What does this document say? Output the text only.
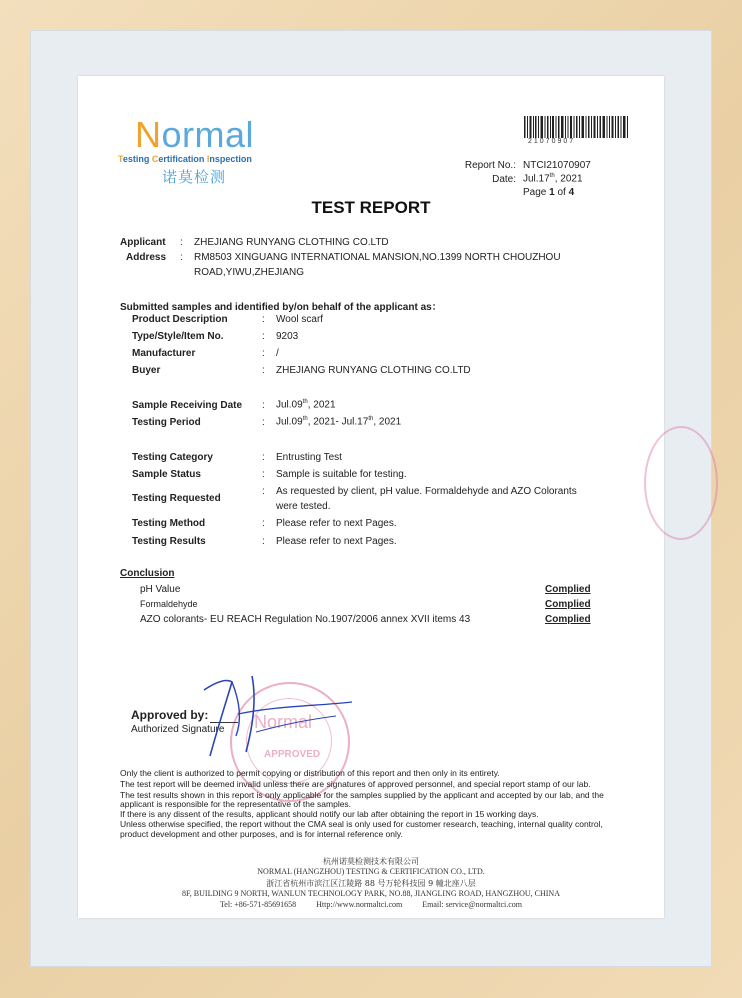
Normal
Testing Certification Inspection
诺莫检测
21070907
Report No.: NTCI21070907
Date: Jul.17th, 2021
Page 1 of 4
TEST REPORT
Applicant : ZHEJIANG RUNYANG CLOTHING CO.LTD
Address : RM8503 XINGUANG INTERNATIONAL MANSION,NO.1399 NORTH CHOUZHOU
ROAD,YIWU,ZHEJIANG
Submitted samples and identified by/on behalf of the applicant as：
Product Description	: Wool scarf
Type/Style/Item No.	: 9203
Manufacturer	: /
Buyer	: ZHEJIANG RUNYANG CLOTHING CO.LTD
Sample Receiving Date : Jul.09th, 2021
Testing Period	: Jul.09th, 2021- Jul.17th, 2021
Testing Category	: Entrusting Test
Sample Status	: Sample is suitable for testing.
Testing Requested
: As requested by client, pH value. Formaldehyde and AZO Colorants
were tested.
Testing Method	: Please refer to next Pages.
Testing Results	: Please refer to next Pages.
Conclusion
pH Value	Complied
Formaldehyde	Complied
AZO colorants- EU REACH Regulation No.1907/2006 annex XVII items 43	Complied
Normal
APPROVED
Approved by:
Authorized Signature
Only the client is authorized to permit copying or distribution of this report and then only in its entirety.
The test report will be deemed invalid unless there are signatures of approved personnel, and special report stamp of our lab.
The test results shown in this report is only applicable for the samples supplied by the applicant and accepted by our lab, and the
applicant is responsible for the representative of the samples.
If there is any dissent of the results, applicant should notify our lab after obtaining the report in 15 working days.
Unless otherwise specified, the report without the CMA seal is only used for customer research, teaching, internal quality control,
product development and other purposes, and is for internal reference only.
杭州诺莫检测技术有限公司
NORMAL (HANGZHOU) TESTING & CERTIFICATION CO., LTD.
浙江省杭州市滨江区江陵路 88 号万轮科技园 9 幢北座八层
8F, BUILDING 9 NORTH, WANLUN TECHNOLOGY PARK, NO.88, JIANGLING ROAD, HANGZHOU, CHINA
Tel: +86-571-85691658          Http://www.normaltci.com          Email: service@normaltci.com
